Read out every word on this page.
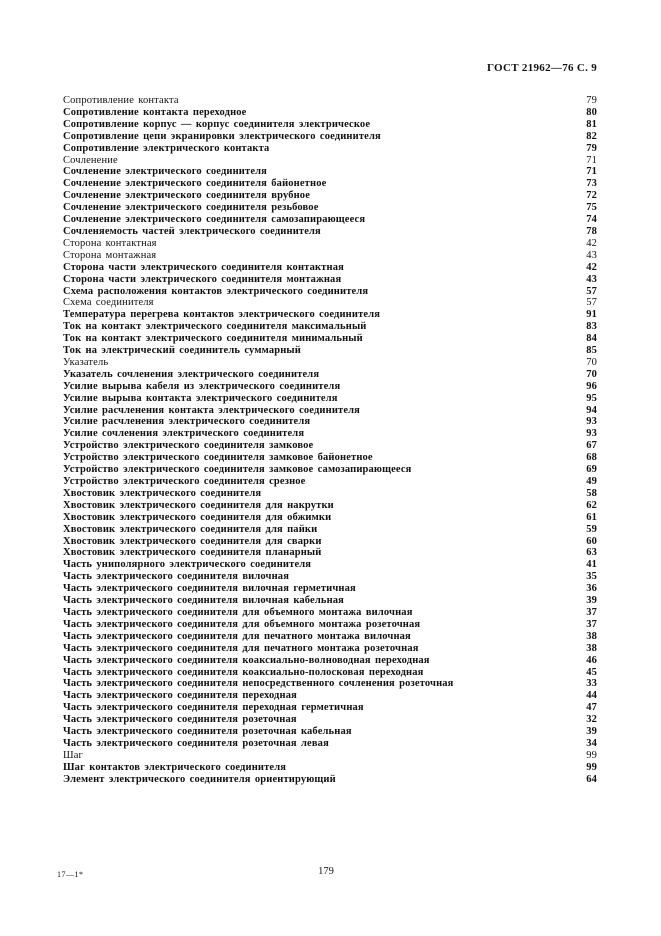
ГОСТ 21962—76 С. 9
Сопротивление контакта	79
Сопротивление контакта переходное	80
Сопротивление корпус — корпус соединителя электрическое	81
Сопротивление цепи экранировки электрического соединителя	82
Сопротивление электрического контакта	79
Сочленение	71
Сочленение электрического соединителя	71
Сочленение электрического соединителя байонетное	73
Сочленение электрического соединителя врубное	72
Сочленение электрического соединителя резьбовое	75
Сочленение электрического соединителя самозапирающееся	74
Сочленяемость частей электрического соединителя	78
Сторона контактная	42
Сторона монтажная	43
Сторона части электрического соединителя контактная	42
Сторона части электрического соединителя монтажная	43
Схема расположения контактов электрического соединителя	57
Схема соединителя	57
Температура перегрева контактов электрического соединителя	91
Ток на контакт электрического соединителя максимальный	83
Ток на контакт электрического соединителя минимальный	84
Ток на электрический соединитель суммарный	85
Указатель	70
Указатель сочленения электрического соединителя	70
Усилие вырыва кабеля из электрического соединителя	96
Усилие вырыва контакта электрического соединителя	95
Усилие расчленения контакта электрического соединителя	94
Усилие расчленения электрического соединителя	93
Усилие сочленения электрического соединителя	93
Устройство электрического соединителя замковое	67
Устройство электрического соединителя замковое байонетное	68
Устройство электрического соединителя замковое самозапирающееся	69
Устройство электрического соединителя срезное	49
Хвостовик электрического соединителя	58
Хвостовик электрического соединителя для накрутки	62
Хвостовик электрического соединителя для обжимки	61
Хвостовик электрического соединителя для пайки	59
Хвостовик электрического соединителя для сварки	60
Хвостовик электрического соединителя планарный	63
Часть униполярного электрического соединителя	41
Часть электрического соединителя вилочная	35
Часть электрического соединителя вилочная герметичная	36
Часть электрического соединителя вилочная кабельная	39
Часть электрического соединителя для объемного монтажа вилочная	37
Часть электрического соединителя для объемного монтажа розеточная	37
Часть электрического соединителя для печатного монтажа вилочная	38
Часть электрического соединителя для печатного монтажа розеточная	38
Часть электрического соединителя коаксиально-волноводная переходная	46
Часть электрического соединителя коаксиально-полосковая переходная	45
Часть электрического соединителя непосредственного сочленения розеточная	33
Часть электрического соединителя переходная	44
Часть электрического соединителя переходная герметичная	47
Часть электрического соединителя розеточная	32
Часть электрического соединителя розеточная кабельная	39
Часть электрического соединителя розеточная левая	34
Шаг	99
Шаг контактов электрического соединителя	99
Элемент электрического соединителя ориентирующий	64
17—1*	179
